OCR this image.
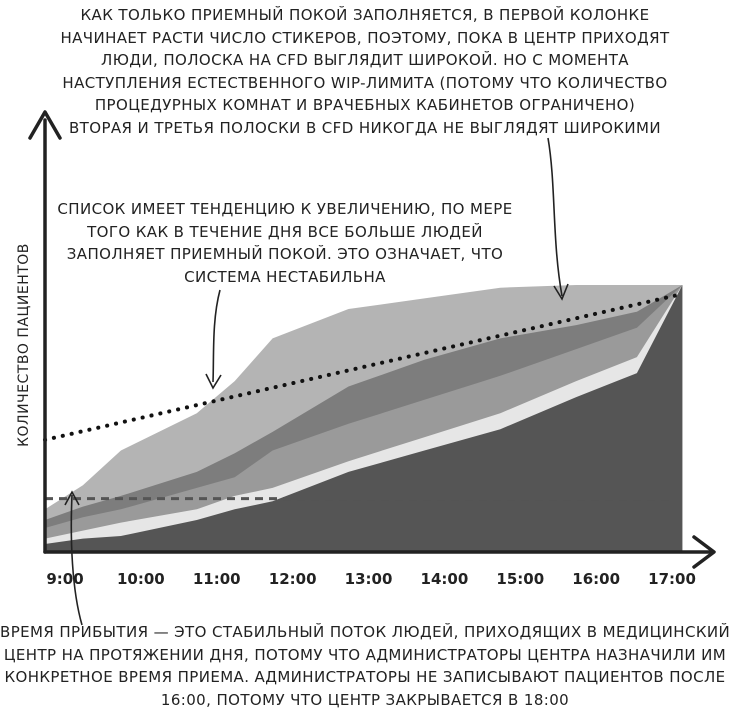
КАК ТОЛЬКО ПРИЕМНЫЙ ПОКОЙ ЗАПОЛНЯЕТСЯ, В ПЕРВОЙ КОЛОНКЕ
НАЧИНАЕТ РАСТИ ЧИСЛО СТИКЕРОВ, ПОЭТОМУ, ПОКА В ЦЕНТР ПРИХОДЯТ
ЛЮДИ, ПОЛОСКА НА CFD ВЫГЛЯДИТ ШИРОКОЙ. НО С МОМЕНТА
НАСТУПЛЕНИЯ ЕСТЕСТВЕННОГО WIP-ЛИМИТА (ПОТОМУ ЧТО КОЛИЧЕСТВО
ПРОЦЕДУРНЫХ КОМНАТ И ВРАЧЕБНЫХ КАБИНЕТОВ ОГРАНИЧЕНО)
ВТОРАЯ И ТРЕТЬЯ ПОЛОСКИ В CFD НИКОГДА НЕ ВЫГЛЯДЯТ ШИРОКИМИ
КОЛИЧЕСТВО ПАЦИЕНТОВ
9:00 10:00 11:00 12:00 13:00 14:00 15:00 16:00 17:00
СПИСОК ИМЕЕТ ТЕНДЕНЦИЮ К УВЕЛИЧЕНИЮ, ПО МЕРЕ
ТОГО КАК В ТЕЧЕНИЕ ДНЯ ВСЕ БОЛЬШЕ ЛЮДЕЙ
ЗАПОЛНЯЕТ ПРИЕМНЫЙ ПОКОЙ. ЭТО ОЗНАЧАЕТ, ЧТО
СИСТЕМА НЕСТАБИЛЬНА
ВРЕМЯ ПРИБЫТИЯ — ЭТО СТАБИЛЬНЫЙ ПОТОК ЛЮДЕЙ, ПРИХОДЯЩИХ В МЕДИЦИНСКИЙ
ЦЕНТР НА ПРОТЯЖЕНИИ ДНЯ, ПОТОМУ ЧТО АДМИНИСТРАТОРЫ ЦЕНТРА НАЗНАЧИЛИ ИМ
КОНКРЕТНОЕ ВРЕМЯ ПРИЕМА. АДМИНИСТРАТОРЫ НЕ ЗАПИСЫВАЮТ ПАЦИЕНТОВ ПОСЛЕ
16:00, ПОТОМУ ЧТО ЦЕНТР ЗАКРЫВАЕТСЯ В 18:00
